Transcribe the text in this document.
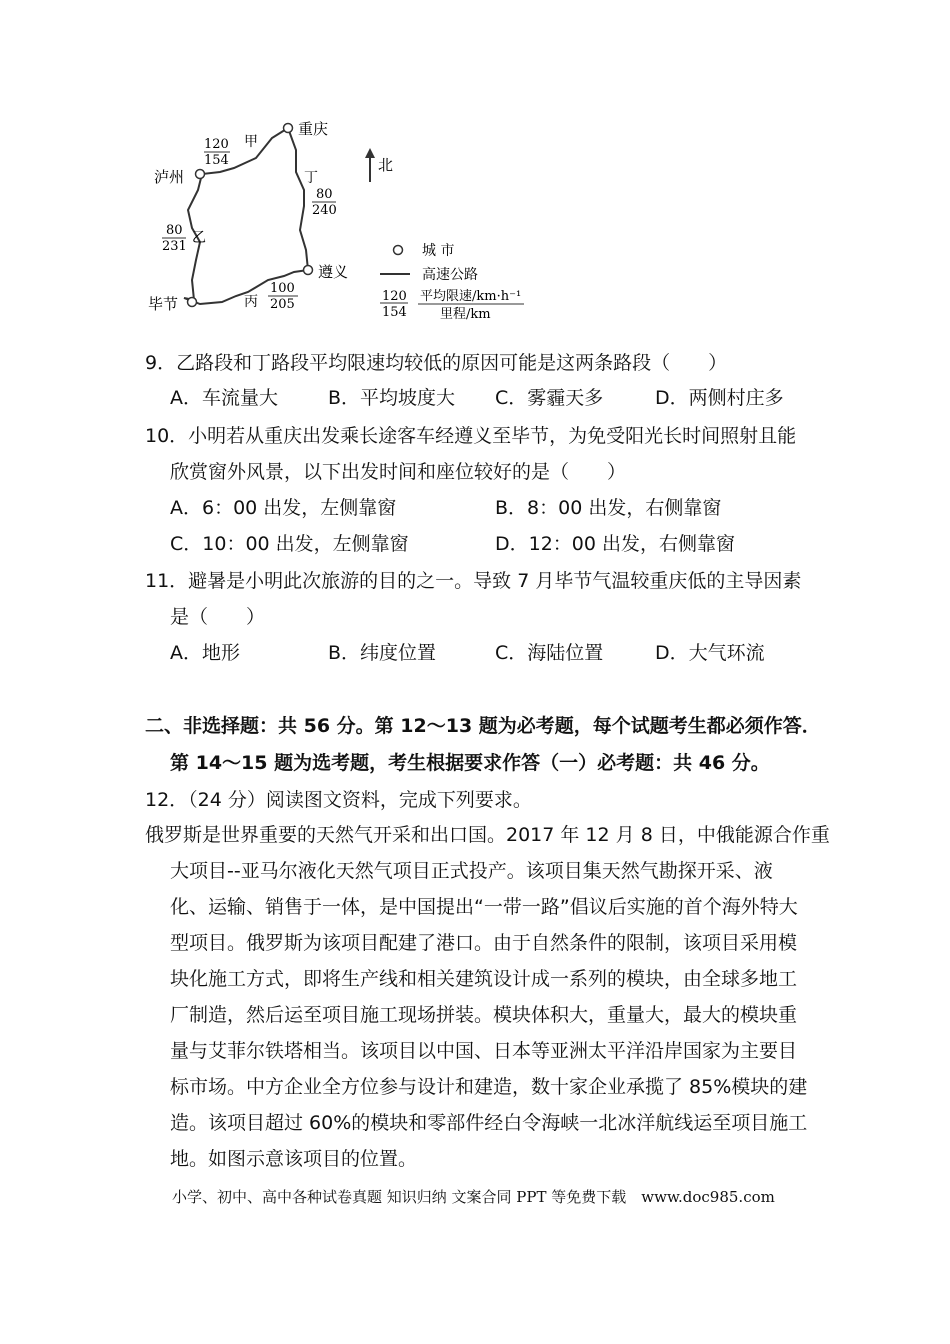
重庆
泸州
遵义
毕节
甲
120
154
乙
80
231
丙
100
205
丁
80
240
北
城 市
高速公路
120
154
平均限速/km·h⁻¹
里程/km
9．乙路段和丁路段平均限速均较低的原因可能是这两条路段（　　）
A．车流量大	B．平均坡度大 C．雾霾天多	D．两侧村庄多
10．小明若从重庆出发乘长途客车经遵义至毕节，为免受阳光长时间照射且能
欣赏窗外风景，以下出发时间和座位较好的是（　　）
A．6：00 出发，左侧靠窗	B．8：00 出发，右侧靠窗
C．10：00 出发，左侧靠窗	D．12：00 出发，右侧靠窗
11．避暑是小明此次旅游的目的之一。导致 7 月毕节气温较重庆低的主导因素
是（　　）
A．地形	B．纬度位置	C．海陆位置	D．大气环流
二、非选择题：共 56 分。第 12～13 题为必考题，每个试题考生都必须作答．
第 14～15 题为选考题，考生根据要求作答（一）必考题：共 46 分。
12．（24 分）阅读图文资料，完成下列要求。
俄罗斯是世界重要的天然气开采和出口国。2017 年 12 月 8 日，中俄能源合作重
大项目‐‐亚马尔液化天然气项目正式投产。该项目集天然气勘探开采、液
化、运输、销售于一体，是中国提出“一带一路”倡议后实施的首个海外特大
型项目。俄罗斯为该项目配建了港口。由于自然条件的限制，该项目采用模
块化施工方式，即将生产线和相关建筑设计成一系列的模块，由全球多地工
厂制造，然后运至项目施工现场拼装。模块体积大，重量大，最大的模块重
量与艾菲尔铁塔相当。该项目以中国、日本等亚洲太平洋沿岸国家为主要目
标市场。中方企业全方位参与设计和建造，数十家企业承揽了 85%模块的建
造。该项目超过 60%的模块和零部件经白令海峡一北冰洋航线运至项目施工
地。如图示意该项目的位置。
小学、初中、高中各种试卷真题 知识归纳 文案合同 PPT 等免费下载　www.doc985.com
